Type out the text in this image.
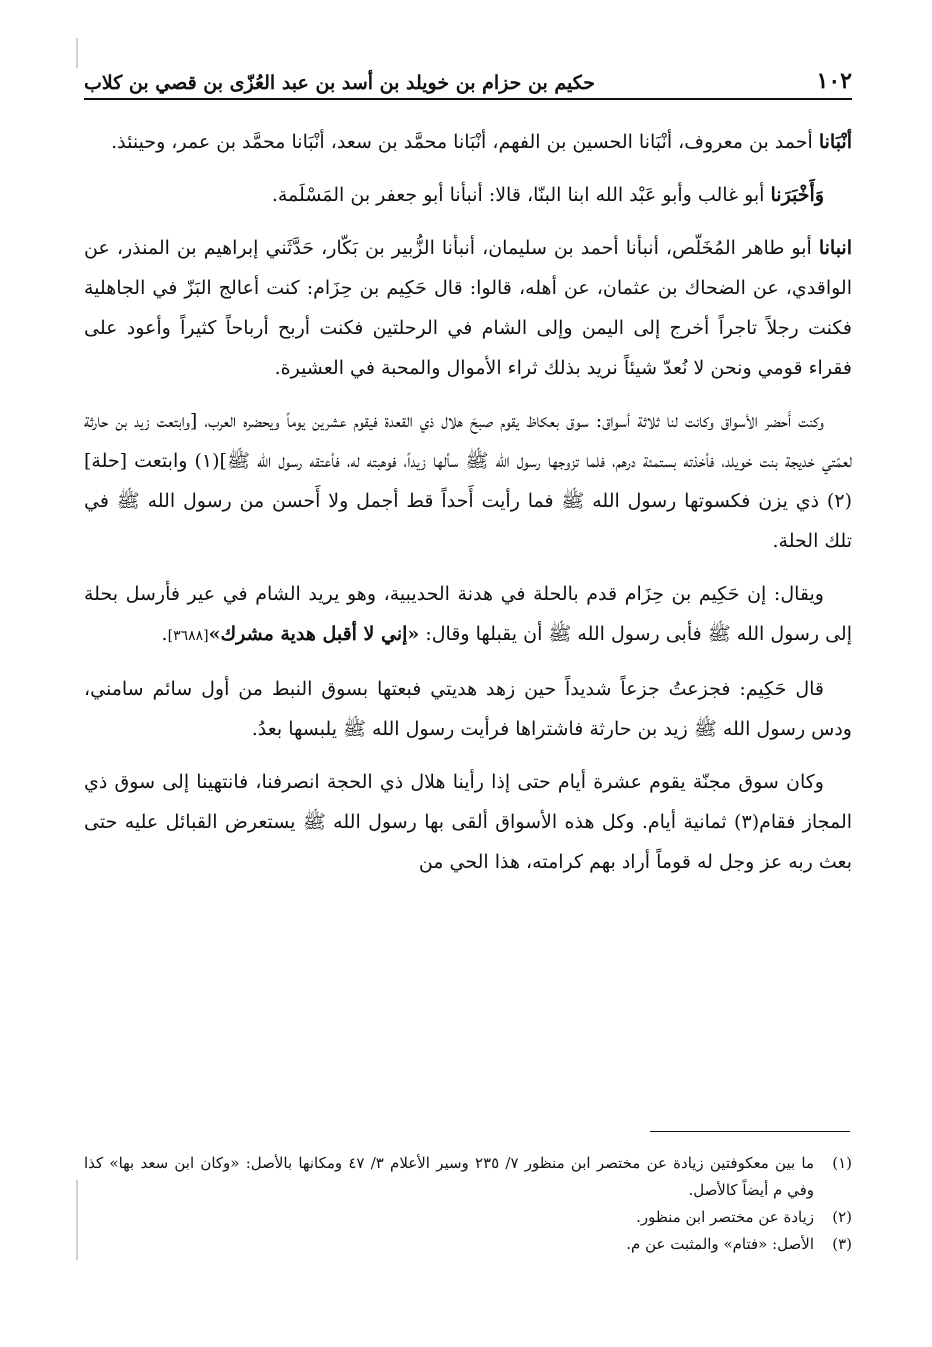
١٠٢
حكيم بن حزام بن خويلد بن أسد بن عبد العُزّى بن قصي بن كلاب

أنْبَانا أحمد بن معروف، أنْبَانا الحسين بن الفهم، أنْبَانا محمَّد بن سعد، أنْبَانا محمَّد بن عمر، وحينئذ.

وَأَخْبَرَنا أبو غالب وأبو عَبْد الله ابنا البنّا، قالا: أنبأنا أبو جعفر بن المَسْلَمة.

انبانا أبو طاهر المُخَلّص، أنبأنا أحمد بن سليمان، أنبأنا الزُّبير بن بَكّار، حَدَّثَني إبراهيم بن المنذر، عن الواقدي، عن الضحاك بن عثمان، عن أهله، قالوا: قال حَكِيم بن حِزَام: كنت أعالج البَزّ في الجاهلية فكنت رجلاً تاجراً أخرج إلى اليمن وإلى الشام في الرحلتين فكنت أربح أرباحاً كثيراً وأعود على فقراء قومي ونحن لا نُعدّ شيئاً نريد بذلك ثراء الأموال والمحبة في العشيرة.

وكنت أَحضر الأسواق وكانت لنا ثلاثة أسواق: سوق بعكاظ يقوم صبحَ هلال ذي القعدة فيقوم عشرين يوماً ويحضره العرب، [وابتعت زيد بن حارثة لعمّتي خديجة بنت خويلد، فأخذته بستمئة درهم، فلما تزوجها رسول الله ﷺ سألها زيداً، فوهبته له، فأعتقه رسول الله ﷺ](١) وابتعت [حلة](٢) ذي يزن فكسوتها رسول الله ﷺ فما رأيت أَحداً قط أجمل ولا أَحسن من رسول الله ﷺ في تلك الحلة.

ويقال: إن حَكِيم بن حِزَام قدم بالحلة في هدنة الحديبية، وهو يريد الشام في عير فأرسل بحلة إلى رسول الله ﷺ فأبى رسول الله ﷺ أن يقبلها وقال: «إني لا أقبل هدية مشرك»[٣٦٨٨].

قال حَكِيم: فجزعتُ جزعاً شديداً حين زهد هديتي فبعتها بسوق النبط من أول سائم سامني، ودس رسول الله ﷺ زيد بن حارثة فاشتراها فرأيت رسول الله ﷺ يلبسها بعدُ.

وكان سوق مجنّة يقوم عشرة أيام حتى إذا رأينا هلال ذي الحجة انصرفنا، فانتهينا إلى سوق ذي المجاز فقام(٣) ثمانية أيام. وكل هذه الأسواق ألقى بها رسول الله ﷺ يستعرض القبائل عليه حتى بعث ربه عز وجل له قوماً أراد بهم كرامته، هذا الحي من

(١)
ما بين معكوفتين زيادة عن مختصر ابن منظور ٧/ ٢٣٥ وسير الأعلام ٣/ ٤٧ ومكانها بالأصل: «وكان ابن سعد بها» كذا وفي م أيضاً كالأصل.

(٢)
زيادة عن مختصر ابن منظور.

(٣)
الأصل: «فتام» والمثبت عن م.
